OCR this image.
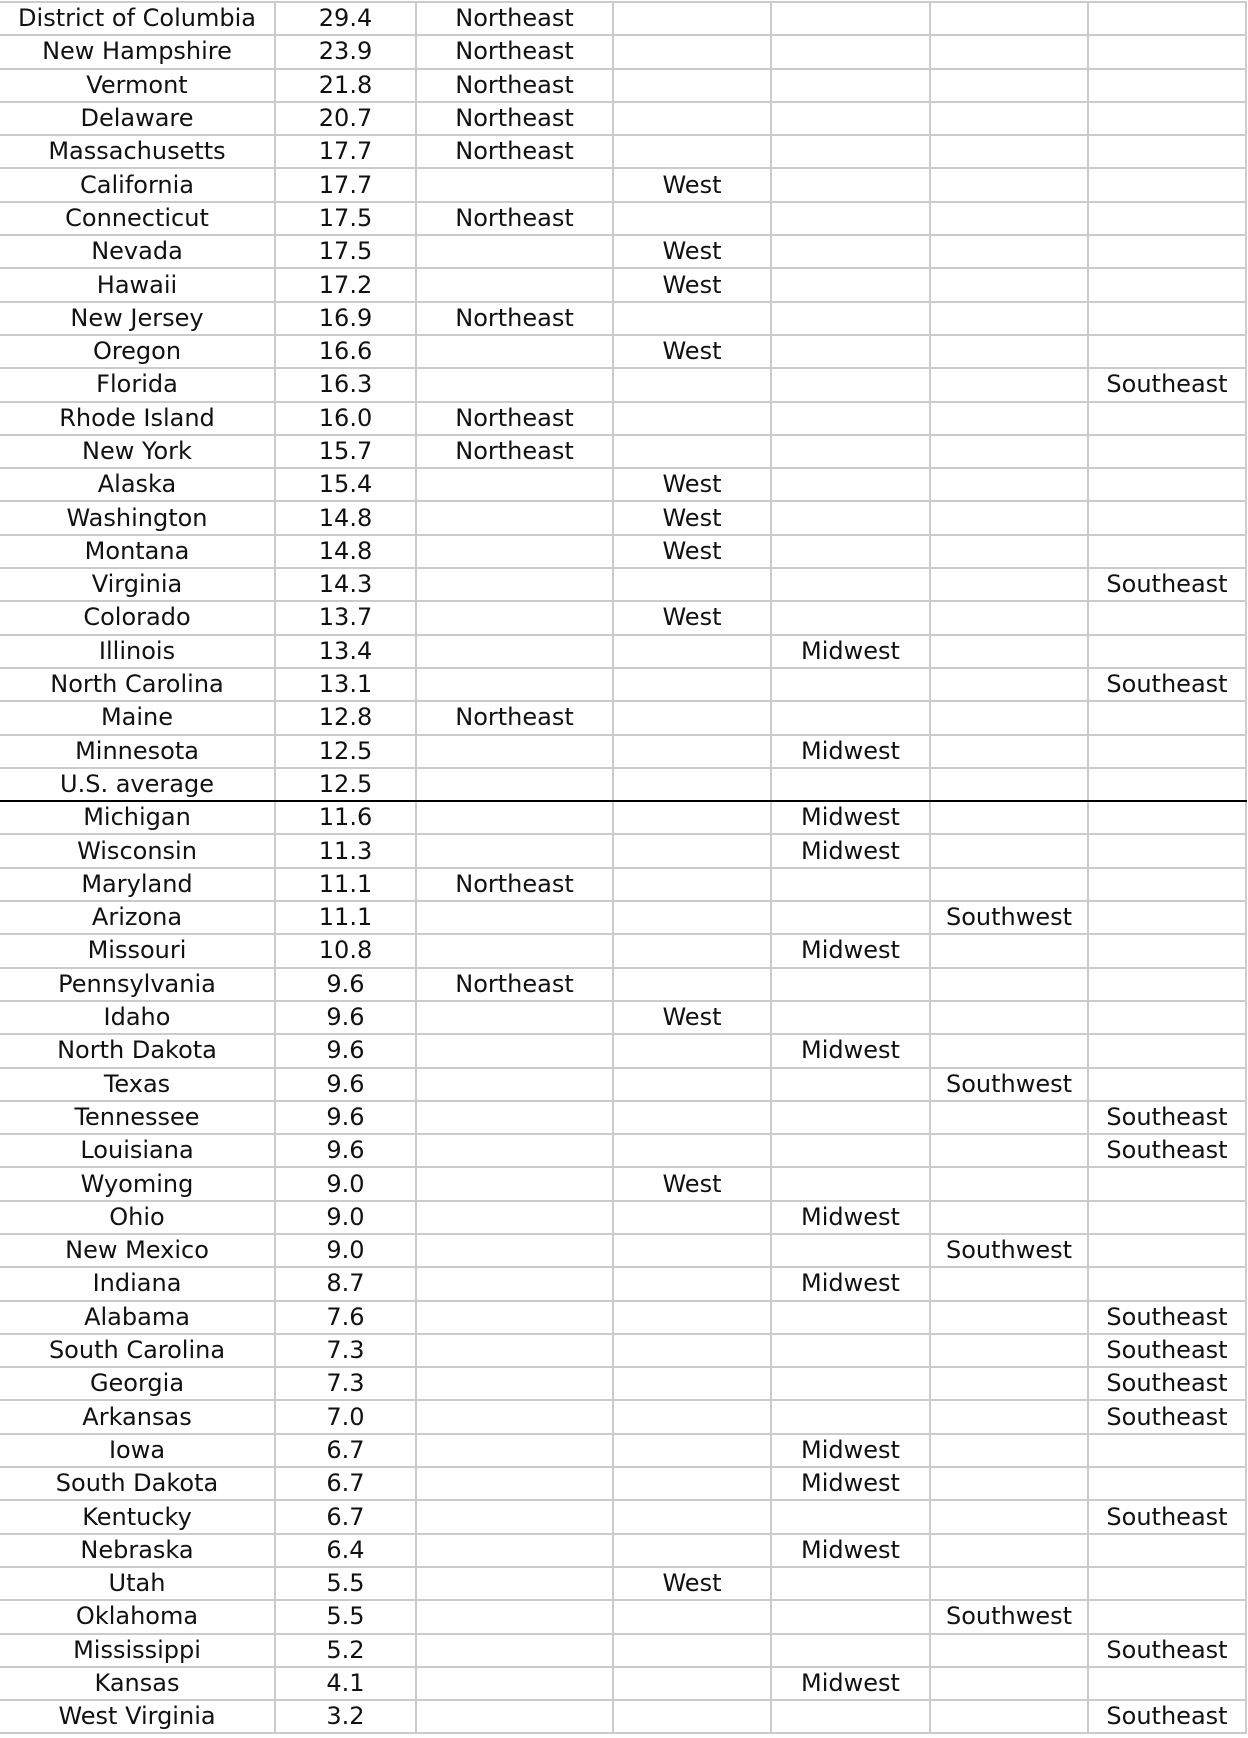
District of Columbia	29.4	Northeast				
New Hampshire	23.9	Northeast				
Vermont	21.8	Northeast				
Delaware	20.7	Northeast				
Massachusetts	17.7	Northeast				
California	17.7		West			
Connecticut	17.5	Northeast				
Nevada	17.5		West			
Hawaii	17.2		West			
New Jersey	16.9	Northeast				
Oregon	16.6		West			
Florida	16.3					Southeast
Rhode Island	16.0	Northeast				
New York	15.7	Northeast				
Alaska	15.4		West			
Washington	14.8		West			
Montana	14.8		West			
Virginia	14.3					Southeast
Colorado	13.7		West			
Illinois	13.4			Midwest		
North Carolina	13.1					Southeast
Maine	12.8	Northeast				
Minnesota	12.5			Midwest		
U.S. average	12.5					
Michigan	11.6			Midwest		
Wisconsin	11.3			Midwest		
Maryland	11.1	Northeast				
Arizona	11.1				Southwest	
Missouri	10.8			Midwest		
Pennsylvania	9.6	Northeast				
Idaho	9.6		West			
North Dakota	9.6			Midwest		
Texas	9.6				Southwest	
Tennessee	9.6					Southeast
Louisiana	9.6					Southeast
Wyoming	9.0		West			
Ohio	9.0			Midwest		
New Mexico	9.0				Southwest	
Indiana	8.7			Midwest		
Alabama	7.6					Southeast
South Carolina	7.3					Southeast
Georgia	7.3					Southeast
Arkansas	7.0					Southeast
Iowa	6.7			Midwest		
South Dakota	6.7			Midwest		
Kentucky	6.7					Southeast
Nebraska	6.4			Midwest		
Utah	5.5		West			
Oklahoma	5.5				Southwest	
Mississippi	5.2					Southeast
Kansas	4.1			Midwest		
West Virginia	3.2					Southeast
